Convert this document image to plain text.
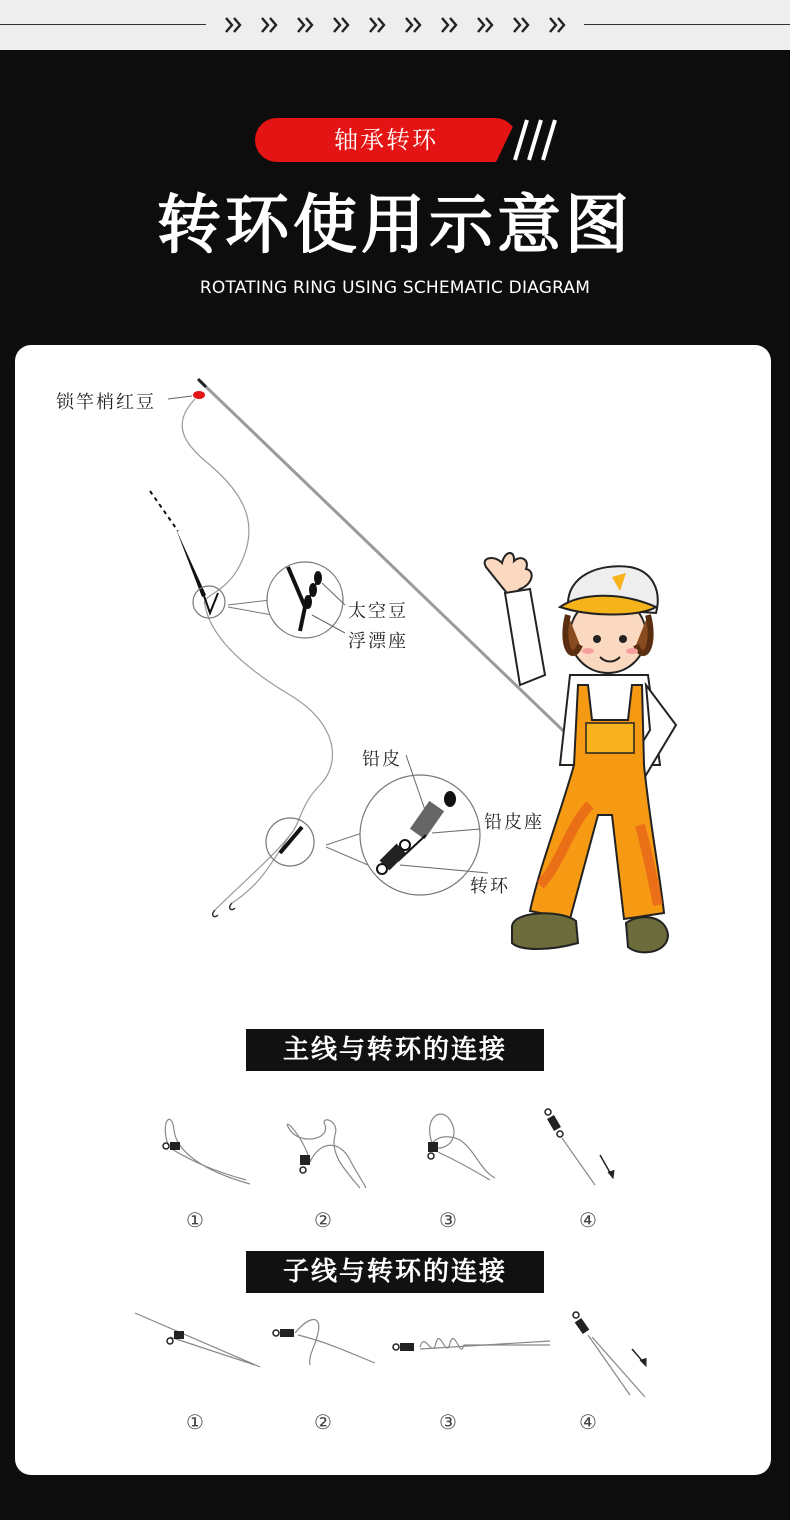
轴承转环
转环使用示意图
ROTATING RING USING SCHEMATIC DIAGRAM
锁竿梢红豆
太空豆
浮漂座
铅皮
铅皮座
转环
主线与转环的连接
①	②	③	④
子线与转环的连接
①	②	③	④
